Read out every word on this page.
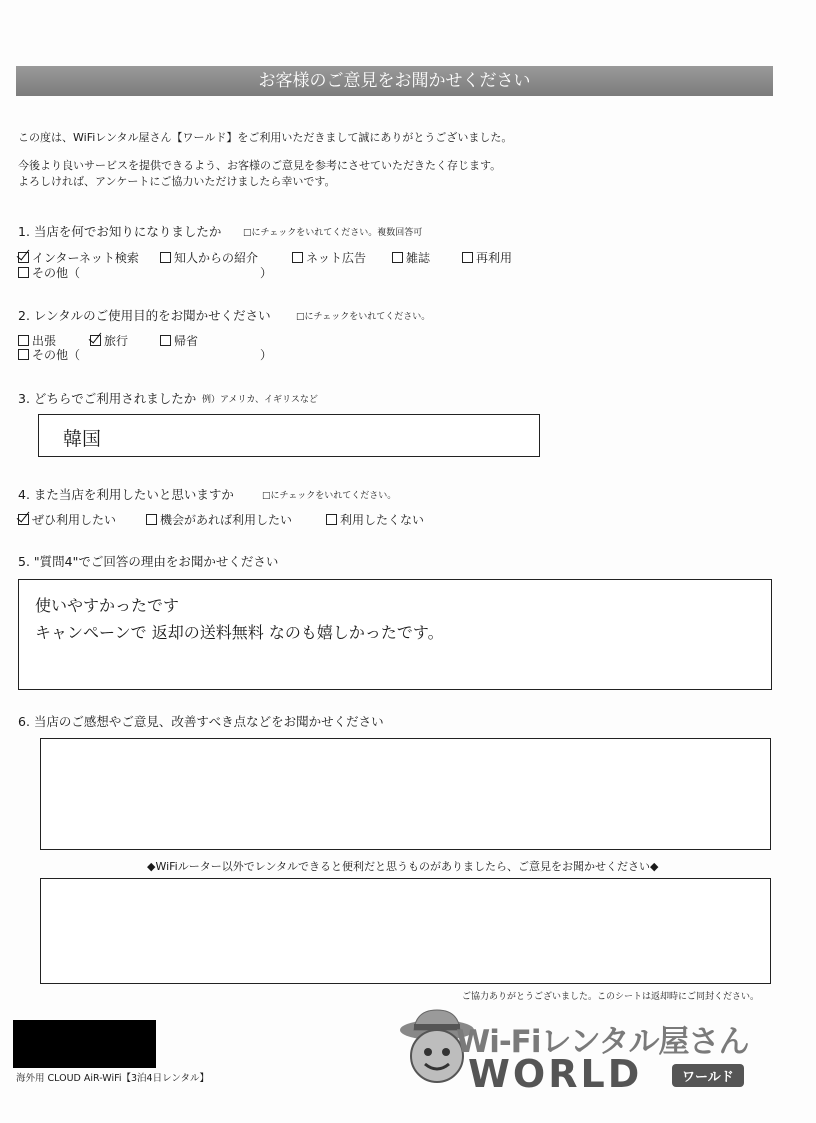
お客様のご意見をお聞かせください
この度は、WiFiレンタル屋さん【ワールド】をご利用いただきまして誠にありがとうございました。
今後より良いサービスを提供できるよう、お客様のご意見を参考にさせていただきたく存じます。
よろしければ、アンケートにご協力いただけましたら幸いです。
1. 当店を何でお知りになりましたか □にチェックをいれてください。複数回答可
インターネット検索	知人からの紹介	ネット広告	雑誌	再利用
その他（	）
2. レンタルのご使用目的をお聞かせください	□にチェックをいれてください。
出張	旅行	帰省
その他（	）
3. どちらでご利用されましたか 例）アメリカ、イギリスなど
韓国
4. また当店を利用したいと思いますか	□にチェックをいれてください。
ぜひ利用したい	機会があれば利用したい	利用したくない
5. "質問4"でご回答の理由をお聞かせください
使いやすかったです
キャンペーンで 返却の送料無料 なのも嬉しかったです。
6. 当店のご感想やご意見、改善すべき点などをお聞かせください
◆WiFiルーター以外でレンタルできると便利だと思うものがありましたら、ご意見をお聞かせください◆
ご協力ありがとうございました。このシートは返却時にご同封ください。
海外用 CLOUD AiR-WiFi【3泊4日レンタル】
Wi-Fiレンタル屋さん
WORLD	ワールド
